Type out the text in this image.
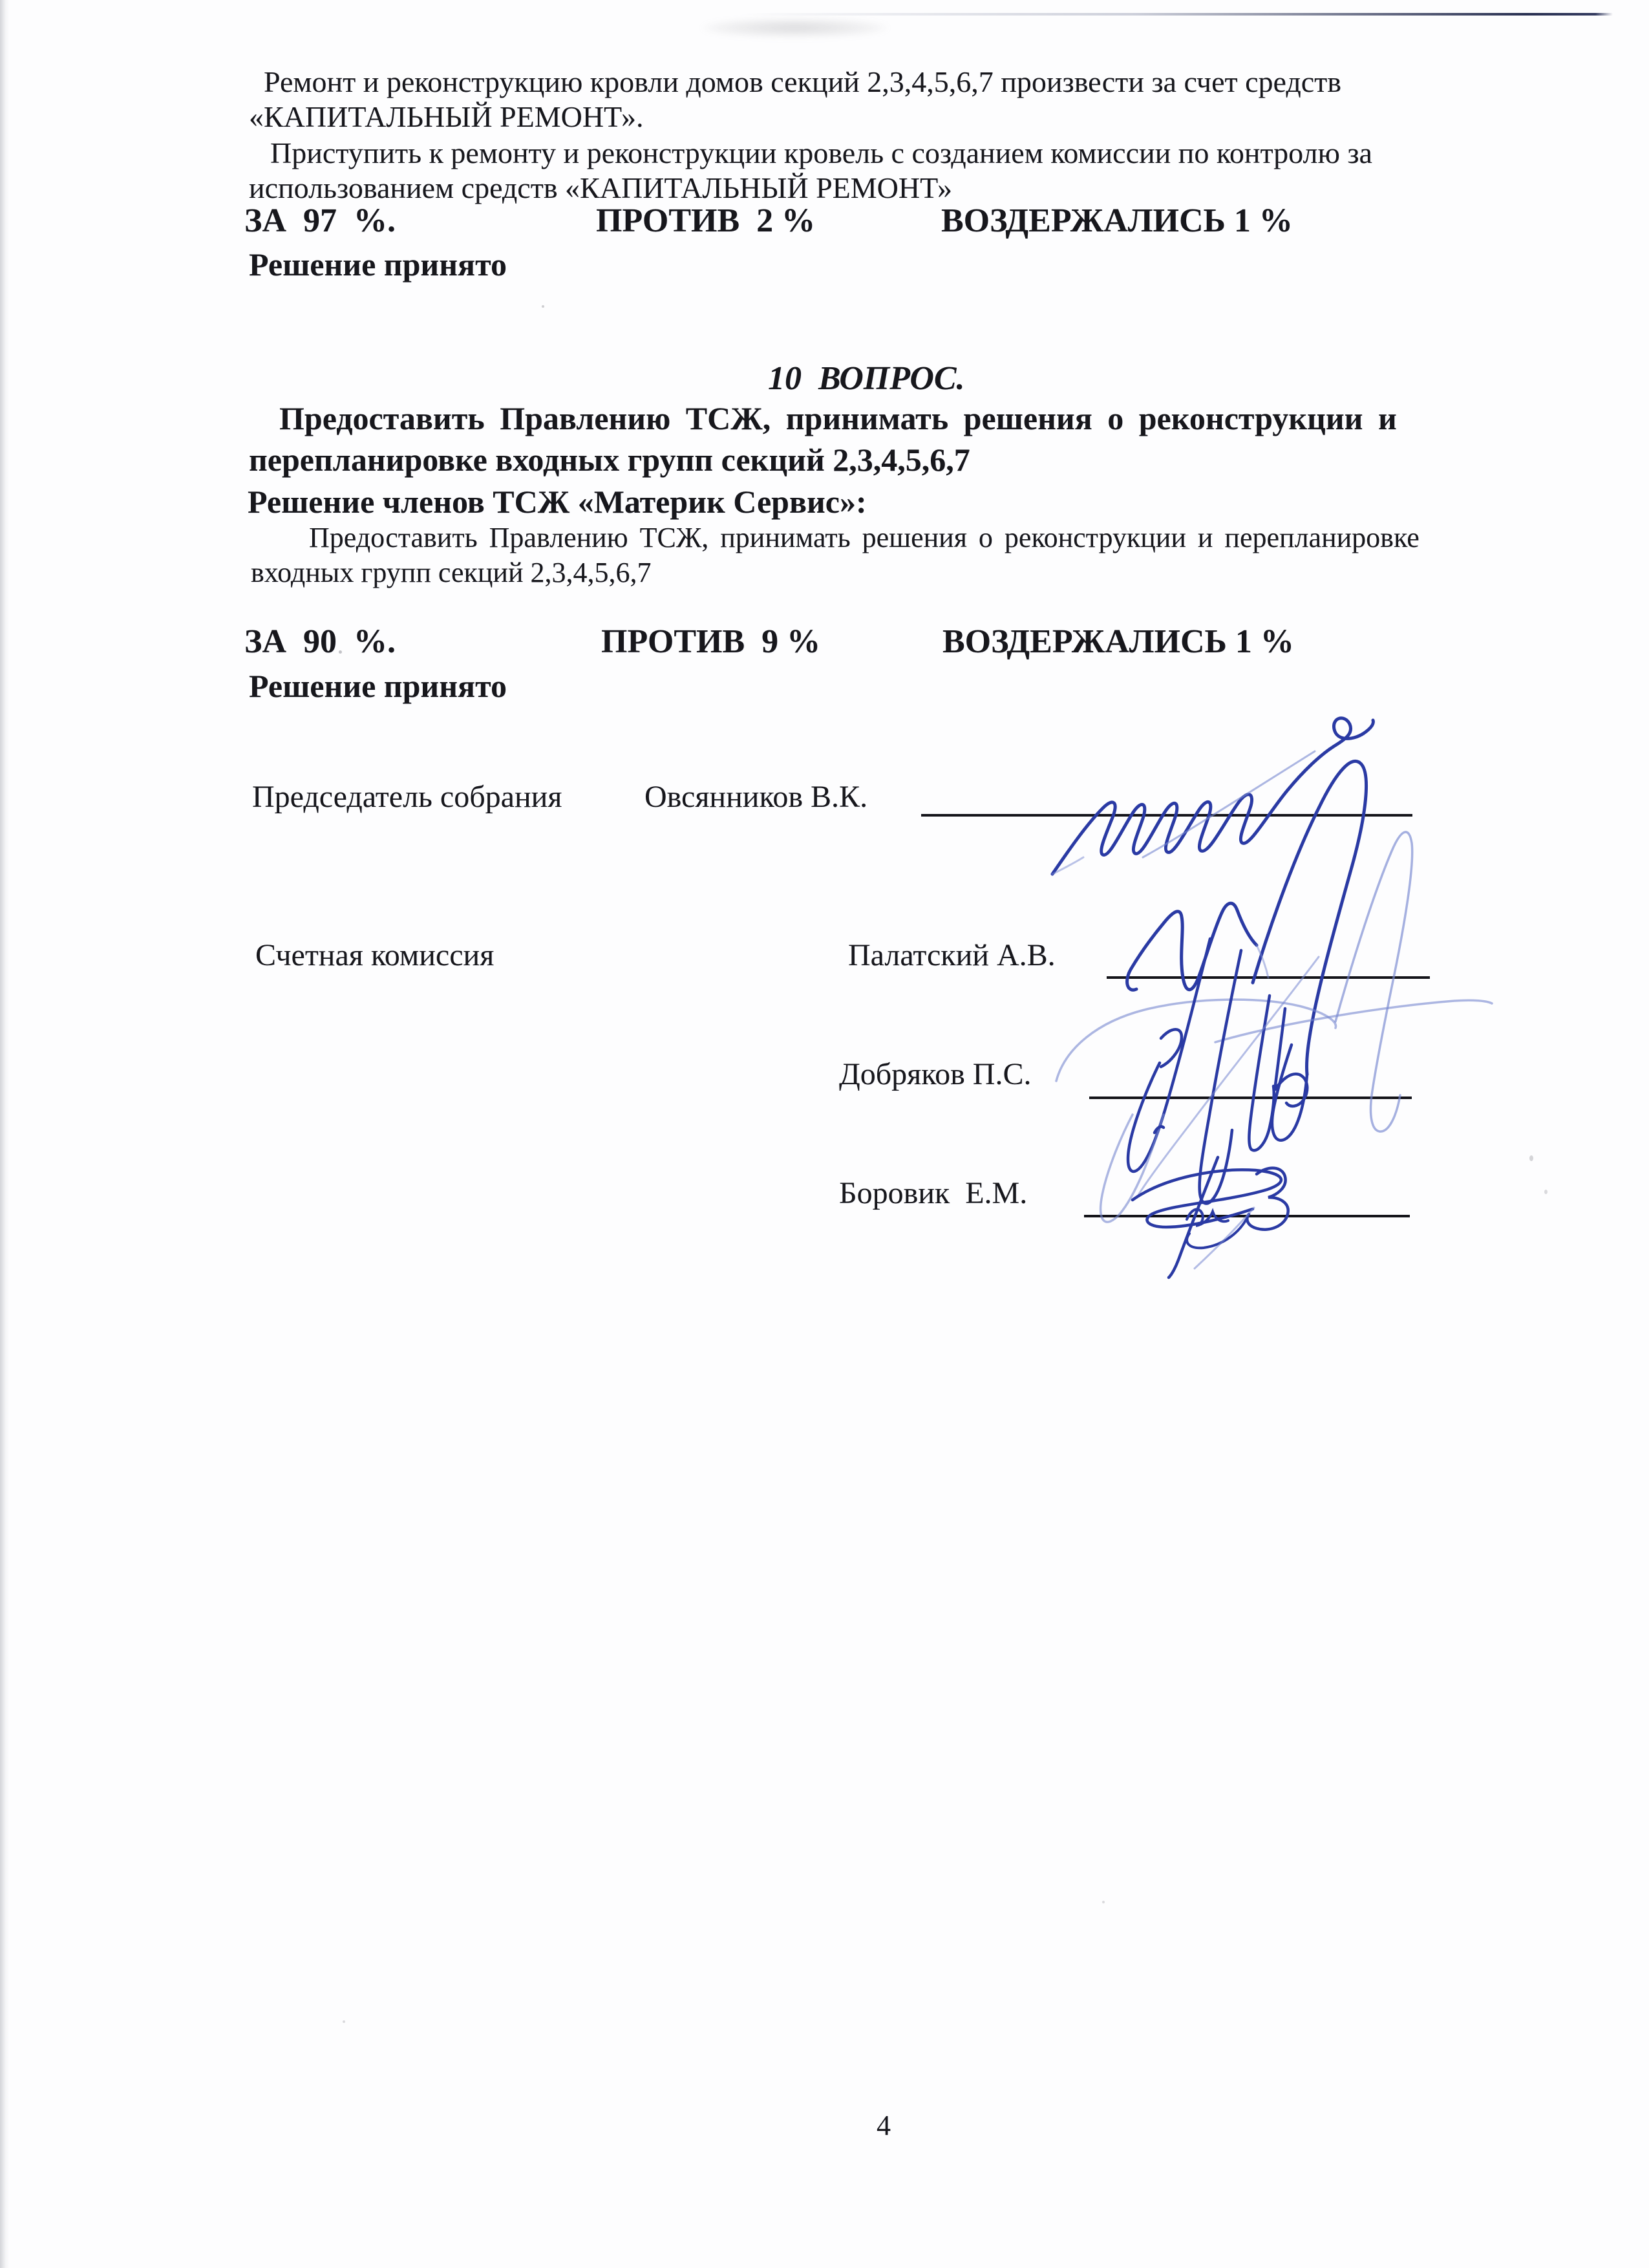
Ремонт и реконструкцию кровли домов секций 2,3,4,5,6,7 произвести за счет средств
«КАПИТАЛЬНЫЙ РЕМОНТ».
Приступить к ремонту и реконструкции кровель с созданием комиссии по контролю за
использованием средств «КАПИТАЛЬНЫЙ РЕМОНТ»
ЗА  97  %.	ПРОТИВ  2 %	ВОЗДЕРЖАЛИСЬ 1 %
Решение принято
10  ВОПРОС.
Предоставить Правлению ТСЖ, принимать решения о реконструкции и
перепланировке входных групп секций 2,3,4,5,6,7
Решение членов ТСЖ «Материк Сервис»:
Предоставить Правлению ТСЖ, принимать решения о реконструкции и перепланировке
входных групп секций 2,3,4,5,6,7
ЗА  90  %.	ПРОТИВ  9 %	ВОЗДЕРЖАЛИСЬ 1 %
Решение принято
Председатель собрания	Овсянников В.К.
Счетная комиссия	Палатский А.В.
Добряков П.С.
Боровик  Е.М.
4
